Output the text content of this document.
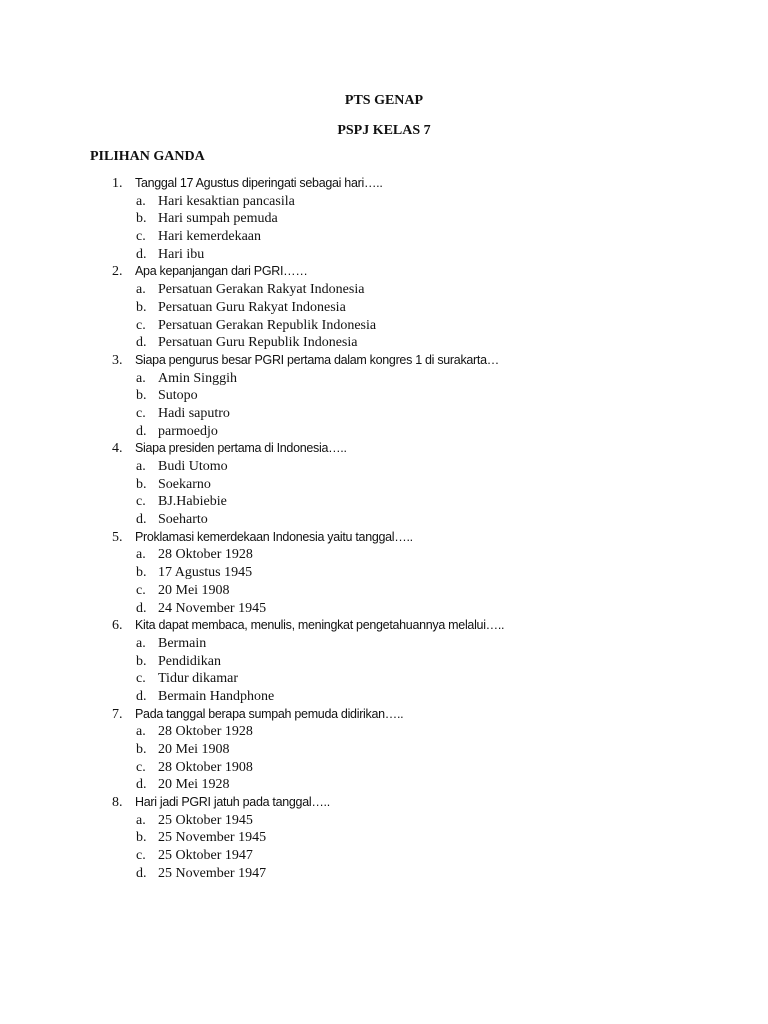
PTS GENAP
PSPJ KELAS 7
PILIHAN GANDA
1. Tanggal 17 Agustus diperingati sebagai hari…..
a. Hari kesaktian pancasila
b. Hari sumpah pemuda
c. Hari kemerdekaan
d. Hari ibu
2. Apa kepanjangan dari PGRI……
a. Persatuan Gerakan Rakyat Indonesia
b. Persatuan Guru Rakyat Indonesia
c. Persatuan Gerakan Republik Indonesia
d. Persatuan Guru Republik Indonesia
3. Siapa pengurus besar PGRI pertama dalam kongres 1 di surakarta…
a. Amin Singgih
b. Sutopo
c. Hadi saputro
d. parmoedjo
4. Siapa presiden pertama di Indonesia…..
a. Budi Utomo
b. Soekarno
c. BJ.Habiebie
d. Soeharto
5. Proklamasi kemerdekaan Indonesia yaitu tanggal…..
a. 28 Oktober 1928
b. 17 Agustus 1945
c. 20 Mei 1908
d. 24 November 1945
6. Kita dapat membaca, menulis, meningkat pengetahuannya melalui…..
a. Bermain
b. Pendidikan
c. Tidur dikamar
d. Bermain Handphone
7. Pada tanggal berapa sumpah pemuda didirikan…..
a. 28 Oktober 1928
b. 20 Mei 1908
c. 28 Oktober 1908
d. 20 Mei 1928
8. Hari jadi PGRI jatuh pada tanggal…..
a. 25 Oktober 1945
b. 25 November 1945
c. 25 Oktober 1947
d. 25 November 1947
